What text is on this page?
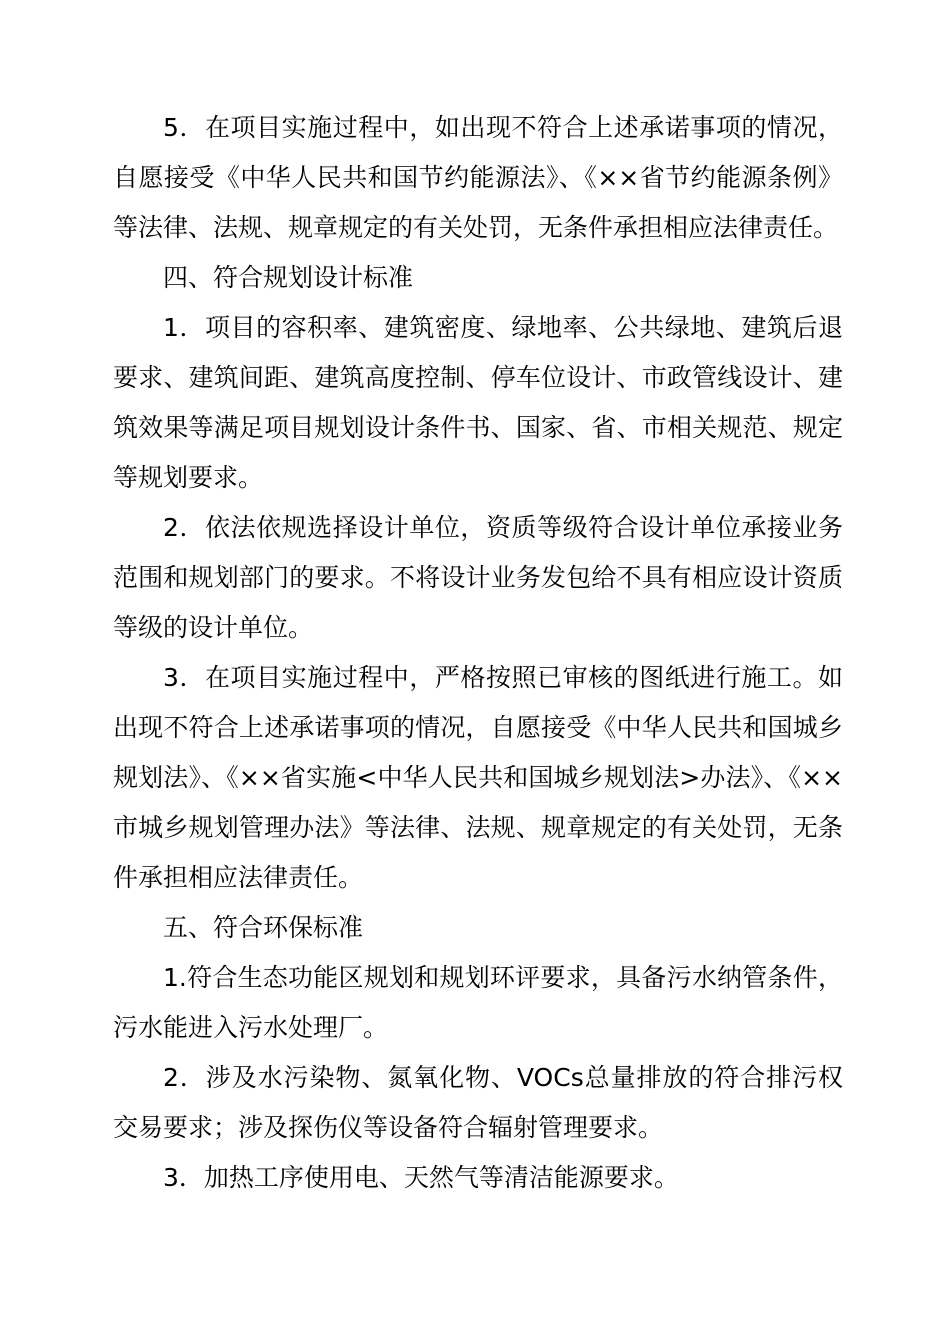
5．在项目实施过程中，如出现不符合上述承诺事项的情况，自愿接受《中华人民共和国节约能源法》、《××省节约能源条例》等法律、法规、规章规定的有关处罚，无条件承担相应法律责任。

四、符合规划设计标准

1．项目的容积率、建筑密度、绿地率、公共绿地、建筑后退要求、建筑间距、建筑高度控制、停车位设计、市政管线设计、建筑效果等满足项目规划设计条件书、国家、省、市相关规范、规定等规划要求。

2．依法依规选择设计单位，资质等级符合设计单位承接业务范围和规划部门的要求。不将设计业务发包给不具有相应设计资质等级的设计单位。

3．在项目实施过程中，严格按照已审核的图纸进行施工。如出现不符合上述承诺事项的情况，自愿接受《中华人民共和国城乡规划法》、《××省实施<中华人民共和国城乡规划法>办法》、《××市城乡规划管理办法》等法律、法规、规章规定的有关处罚，无条件承担相应法律责任。

五、符合环保标准

1.符合生态功能区规划和规划环评要求，具备污水纳管条件，污水能进入污水处理厂。

2．涉及水污染物、氮氧化物、VOCs总量排放的符合排污权交易要求；涉及探伤仪等设备符合辐射管理要求。

3．加热工序使用电、天然气等清洁能源要求。
